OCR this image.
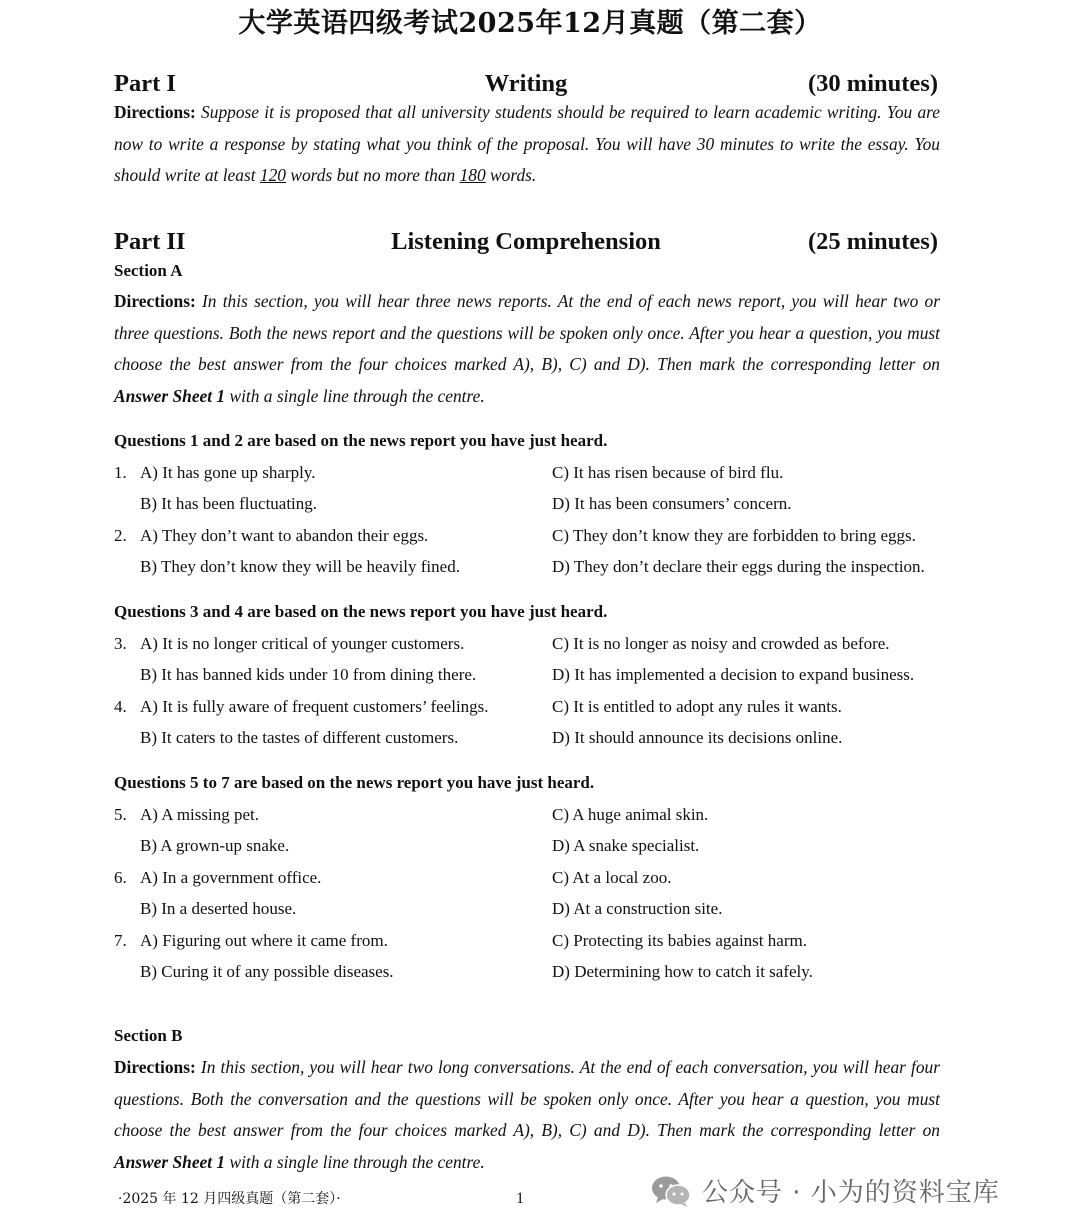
大学英语四级考试2025年12月真题（第二套）
Part I	Writing	(30 minutes)

Directions: Suppose it is proposed that all university students should be required to learn academic writing. You are now to write a response by stating what you think of the proposal. You will have 30 minutes to write the essay. You should write at least 120 words but no more than 180 words.

Part II	Listening Comprehension	(25 minutes)
Section A

Directions: In this section, you will hear three news reports. At the end of each news report, you will hear two or three questions. Both the news report and the questions will be spoken only once. After you hear a question, you must choose the best answer from the four choices marked A), B), C) and D). Then mark the corresponding letter on Answer Sheet 1 with a single line through the centre.

Questions 1 and 2 are based on the news report you have just heard.
1. A) It has gone up sharply.	C) It has risen because of bird flu.
B) It has been fluctuating.	D) It has been consumers’ concern.
2. A) They don’t want to abandon their eggs.	C) They don’t know they are forbidden to bring eggs.
B) They don’t know they will be heavily fined.	D) They don’t declare their eggs during the inspection.
Questions 3 and 4 are based on the news report you have just heard.
3. A) It is no longer critical of younger customers.	C) It is no longer as noisy and crowded as before.
B) It has banned kids under 10 from dining there.	D) It has implemented a decision to expand business.
4. A) It is fully aware of frequent customers’ feelings.	C) It is entitled to adopt any rules it wants.
B) It caters to the tastes of different customers.	D) It should announce its decisions online.
Questions 5 to 7 are based on the news report you have just heard.
5. A) A missing pet.	C) A huge animal skin.
B) A grown-up snake.	D) A snake specialist.
6. A) In a government office.	C) At a local zoo.
B) In a deserted house.	D) At a construction site.
7. A) Figuring out where it came from.	C) Protecting its babies against harm.
B) Curing it of any possible diseases.	D) Determining how to catch it safely.
Section B

Directions: In this section, you will hear two long conversations. At the end of each conversation, you will hear four questions. Both the conversation and the questions will be spoken only once. After you hear a question, you must choose the best answer from the four choices marked A), B), C) and D). Then mark the corresponding letter on Answer Sheet 1 with a single line through the centre.

·2025 年 12 月四级真题（第二套）·	1	公众号 · 小为的资料宝库
